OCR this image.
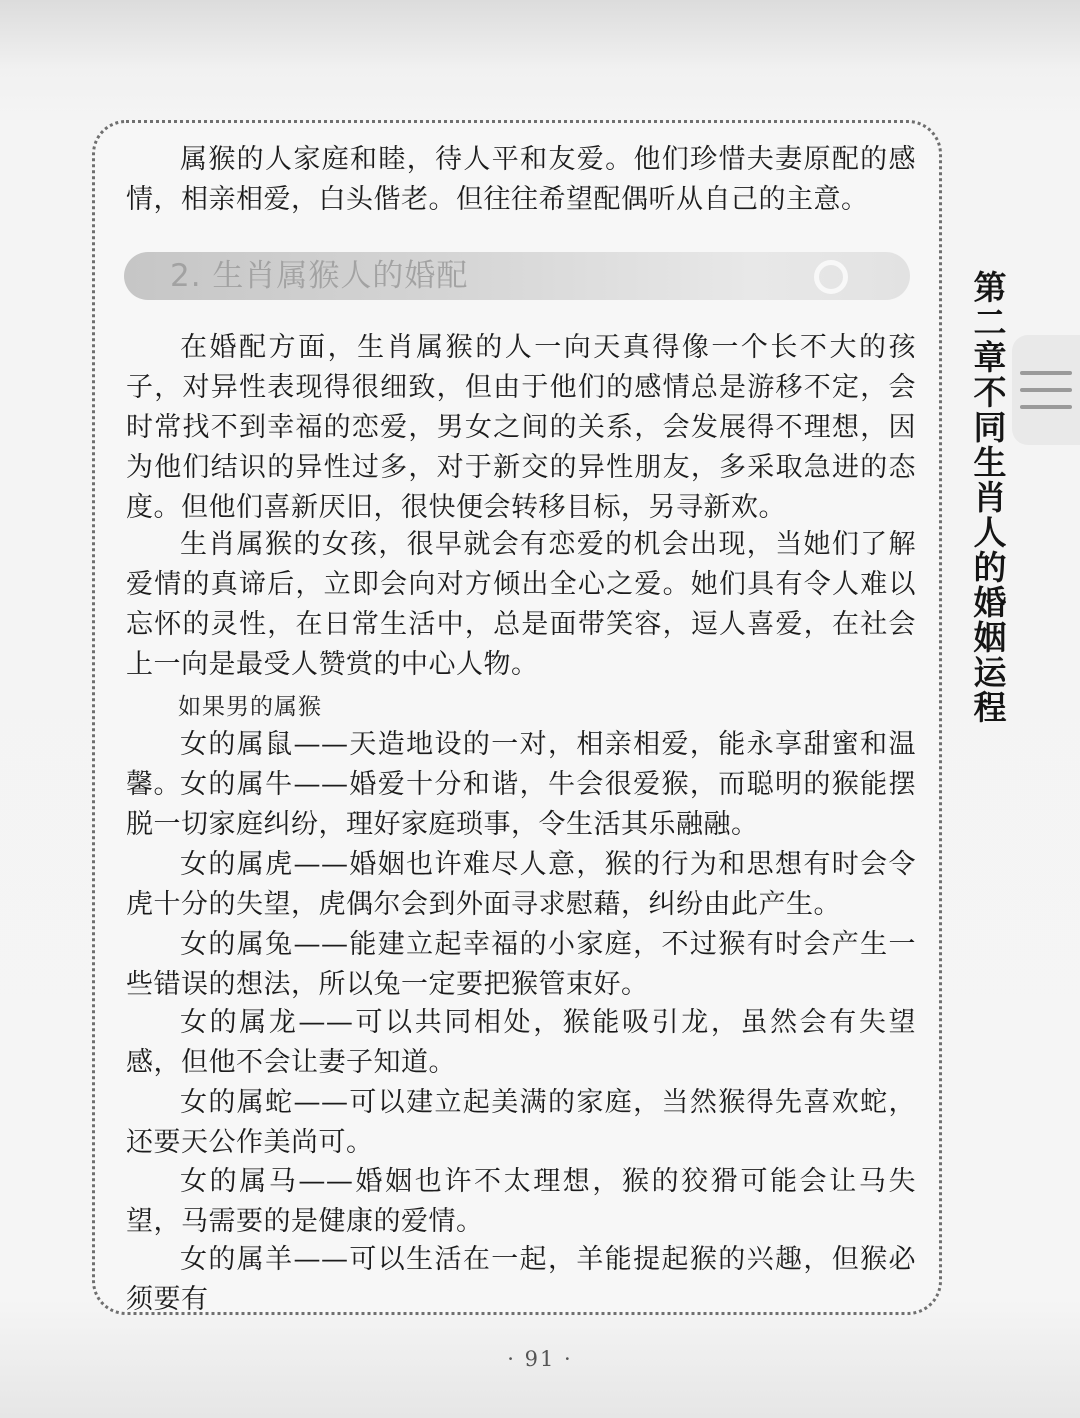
属猴的人家庭和睦，待人平和友爱。他们珍惜夫妻原配的感情，相亲相爱，白头偕老。但往往希望配偶听从自己的主意。

2. 生肖属猴人的婚配

在婚配方面，生肖属猴的人一向天真得像一个长不大的孩子，对异性表现得很细致，但由于他们的感情总是游移不定，会时常找不到幸福的恋爱，男女之间的关系，会发展得不理想，因为他们结识的异性过多，对于新交的异性朋友，多采取急进的态度。但他们喜新厌旧，很快便会转移目标，另寻新欢。

生肖属猴的女孩，很早就会有恋爱的机会出现，当她们了解爱情的真谛后，立即会向对方倾出全心之爱。她们具有令人难以忘怀的灵性，在日常生活中，总是面带笑容，逗人喜爱，在社会上一向是最受人赞赏的中心人物。

如果男的属猴

女的属鼠——天造地设的一对，相亲相爱，能永享甜蜜和温馨。 女的属牛——婚爱十分和谐，牛会很爱猴，而聪明的猴能摆脱一切家庭纠纷，理好家庭琐事，令生活其乐融融。

女的属虎——婚姻也许难尽人意，猴的行为和思想有时会令虎十分的失望，虎偶尔会到外面寻求慰藉，纠纷由此产生。

女的属兔——能建立起幸福的小家庭，不过猴有时会产生一些错误的想法，所以兔一定要把猴管束好。

女的属龙——可以共同相处，猴能吸引龙，虽然会有失望感，但他不会让妻子知道。

女的属蛇——可以建立起美满的家庭，当然猴得先喜欢蛇，还要天公作美尚可。

女的属马——婚姻也许不太理想，猴的狡猾可能会让马失望，马需要的是健康的爱情。

女的属羊——可以生活在一起，羊能提起猴的兴趣，但猴必须要有

第二章 不同生肖人的婚姻运程
· 91 ·
